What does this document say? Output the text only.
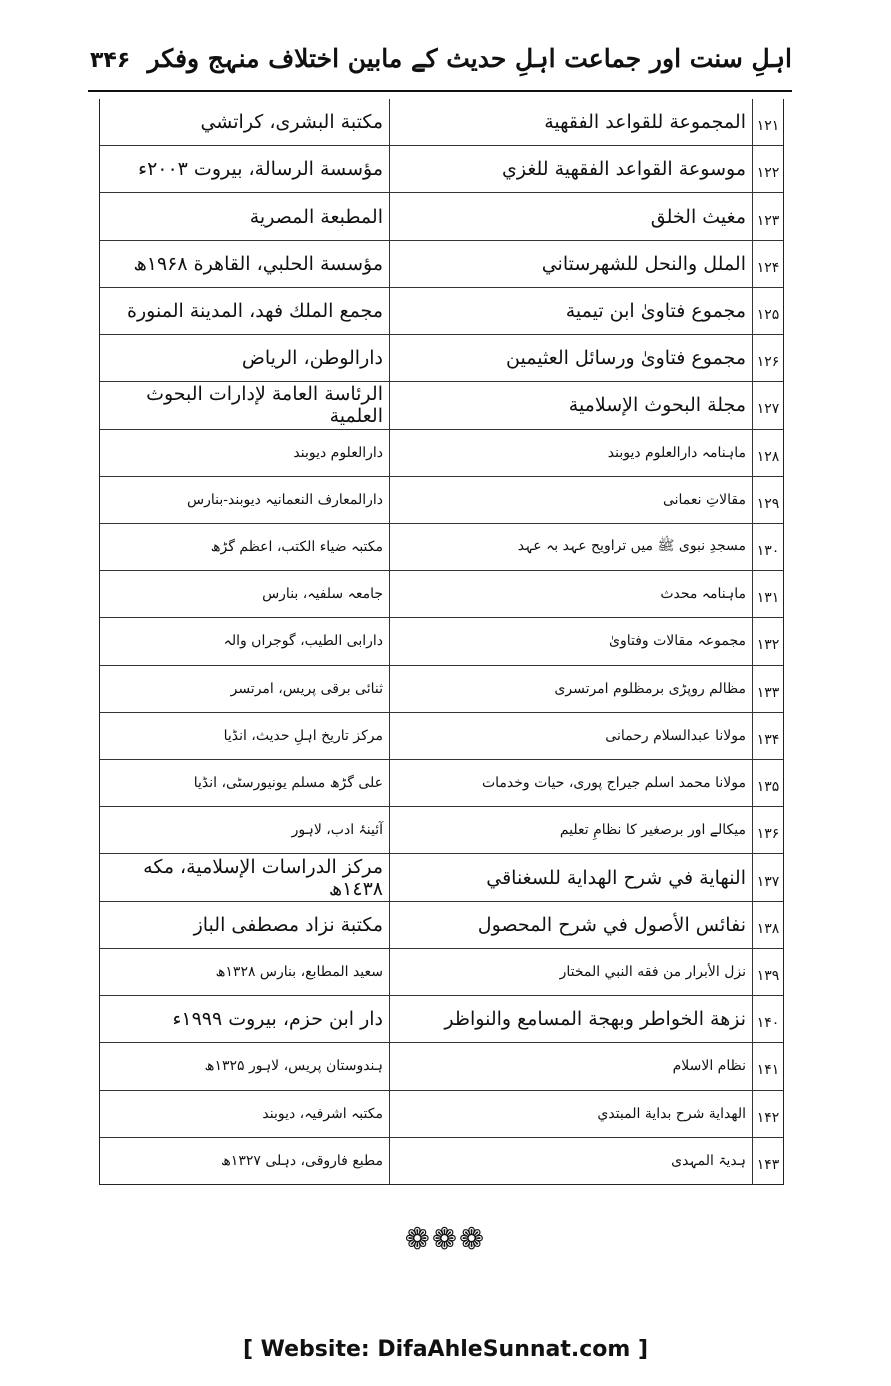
اہلِ سنت اور جماعت اہلِ حدیث کے مابین اختلاف منہج وفکر
۳۴۶
۱۲۱
المجموعة للقواعد الفقهية
مكتبة البشرى، كراتشي
۱۲۲
موسوعة القواعد الفقهية للغزي
مؤسسة الرسالة، بيروت ۲۰۰۳ء
۱۲۳
مغيث الخلق
المطبعة المصرية
۱۲۴
الملل والنحل للشهرستاني
مؤسسة الحلبي، القاهرة ۱۹۶۸ھ
۱۲۵
مجموع فتاوىٰ ابن تيمية
مجمع الملك فهد، المدينة المنورة
۱۲۶
مجموع فتاوىٰ ورسائل العثيمين
دارالوطن، الرياض
۱۲۷
مجلة البحوث الإسلامية
الرئاسة العامة لإدارات البحوث العلمية
۱۲۸
ماہنامہ دارالعلوم دیوبند
دارالعلوم دیوبند
۱۲۹
مقالاتِ نعمانی
دارالمعارف النعمانیہ دیوبند-بنارس
۱۳۰
مسجدِ نبوی ﷺ میں تراویح عہد بہ عہد
مکتبہ ضیاء الکتب، اعظم گڑھ
۱۳۱
ماہنامہ محدث
جامعہ سلفیہ، بنارس
۱۳۲
مجموعہ مقالات وفتاویٰ
دارابی الطیب، گوجراں والہ
۱۳۳
مظالم روپڑی برمظلوم امرتسری
ثنائی برقی پریس، امرتسر
۱۳۴
مولانا عبدالسلام رحمانی
مرکز تاریخ اہلِ حدیث، انڈیا
۱۳۵
مولانا محمد اسلم جیراج پوری، حیات وخدمات
علی گڑھ مسلم یونیورسٹی، انڈیا
۱۳۶
میکالے اور برصغیر کا نظامِ تعلیم
آئینۂ ادب، لاہور
۱۳۷
النهاية في شرح الهداية للسغناقي
مركز الدراسات الإسلامية، مكه ١٤٣٨ھ
۱۳۸
نفائس الأصول في شرح المحصول
مكتبة نزاد مصطفى الباز
۱۳۹
نزل الأبرار من فقه النبي المختار
سعید المطابع، بنارس ۱۳۲۸ھ
۱۴۰
نزهة الخواطر وبهجة المسامع والنواظر
دار ابن حزم، بيروت ۱۹۹۹ء
۱۴۱
نظام الاسلام
ہندوستان پریس، لاہور ۱۳۲۵ھ
۱۴۲
الهداية شرح بداية المبتدي
مکتبہ اشرفیہ، دیوبند
۱۴۳
ہدیۃ المہدی
مطبع فاروقی، دہلی ۱۳۲۷ھ
❁❁❁
[ Website: DifaAhleSunnat.com ]
